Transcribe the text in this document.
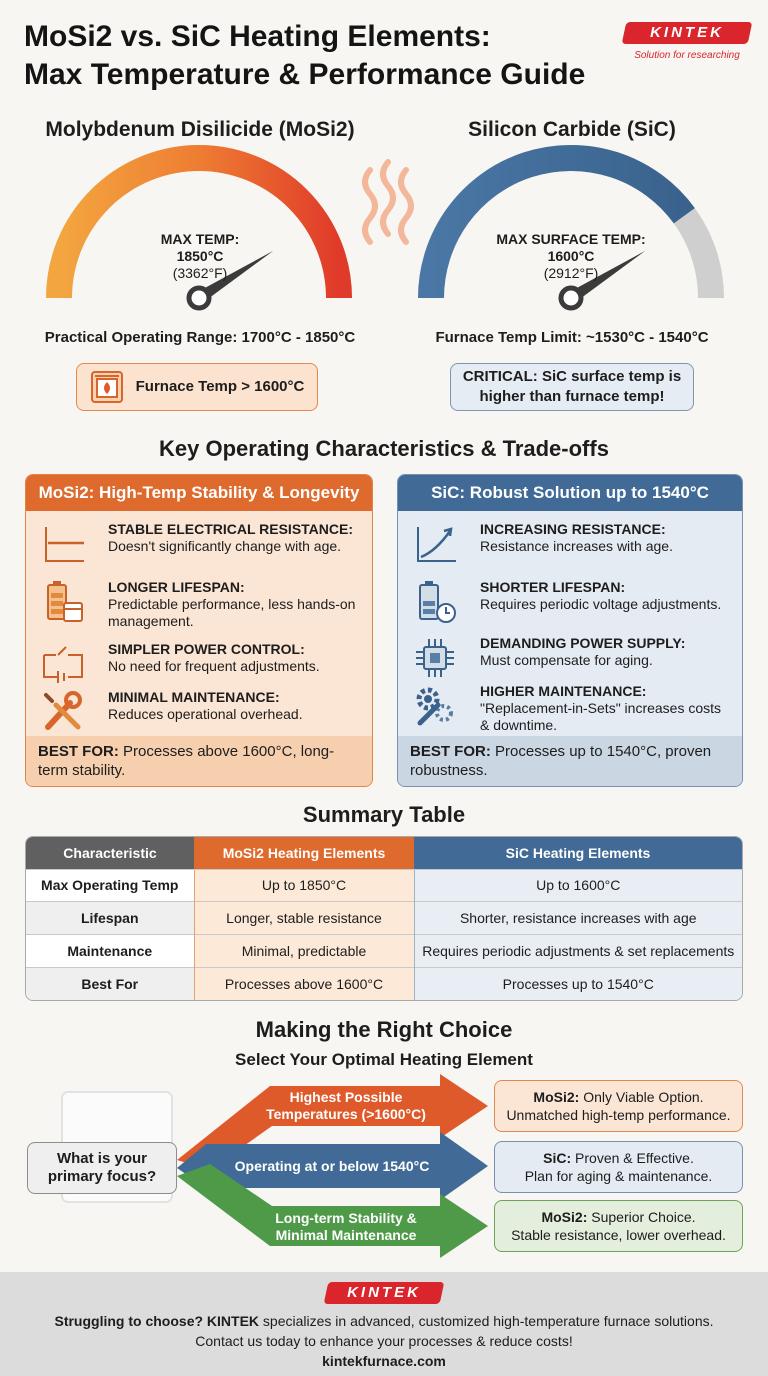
MoSi2 vs. SiC Heating Elements:
Max Temperature & Performance Guide
KINTEK
Solution for researching
Molybdenum Disilicide (MoSi2)	Silicon Carbide (SiC)
MAX TEMP:
1850°C
(3362°F)
MAX SURFACE TEMP:
1600°C
(2912°F)
Practical Operating Range: 1700°C - 1850°C	Furnace Temp Limit: ~1530°C - 1540°C
Furnace Temp > 1600°C
CRITICAL: SiC surface temp is
higher than furnace temp!
Key Operating Characteristics & Trade-offs
MoSi2: High-Temp Stability & Longevity
STABLE ELECTRICAL RESISTANCE:
Doesn't significantly change with age.
LONGER LIFESPAN:
Predictable performance, less hands-on management.
SIMPLER POWER CONTROL:
No need for frequent adjustments.
MINIMAL MAINTENANCE:
Reduces operational overhead.
BEST FOR: Processes above 1600°C, long-term stability.
SiC: Robust Solution up to 1540°C
INCREASING RESISTANCE:
Resistance increases with age.
SHORTER LIFESPAN:
Requires periodic voltage adjustments.
DEMANDING POWER SUPPLY:
Must compensate for aging.
HIGHER MAINTENANCE:
"Replacement-in-Sets" increases costs & downtime.
BEST FOR: Processes up to 1540°C, proven robustness.
Summary Table
Characteristic	MoSi2 Heating Elements	SiC Heating Elements
Max Operating Temp	Up to 1850°C	Up to 1600°C
Lifespan	Longer, stable resistance	Shorter, resistance increases with age
Maintenance	Minimal, predictable	Requires periodic adjustments & set replacements
Best For	Processes above 1600°C	Processes up to 1540°C
Making the Right Choice
Select Your Optimal Heating Element
Highest Possible
Temperatures (>1600°C)
Operating at or below 1540°C
Long-term Stability &
Minimal Maintenance
What is your
primary focus?
MoSi2: Only Viable Option.
Unmatched high-temp performance.
SiC: Proven & Effective.
Plan for aging & maintenance.
MoSi2: Superior Choice.
Stable resistance, lower overhead.
KINTEK
Struggling to choose? KINTEK specializes in advanced, customized high-temperature furnace solutions.
Contact us today to enhance your processes & reduce costs!
kintekfurnace.com
